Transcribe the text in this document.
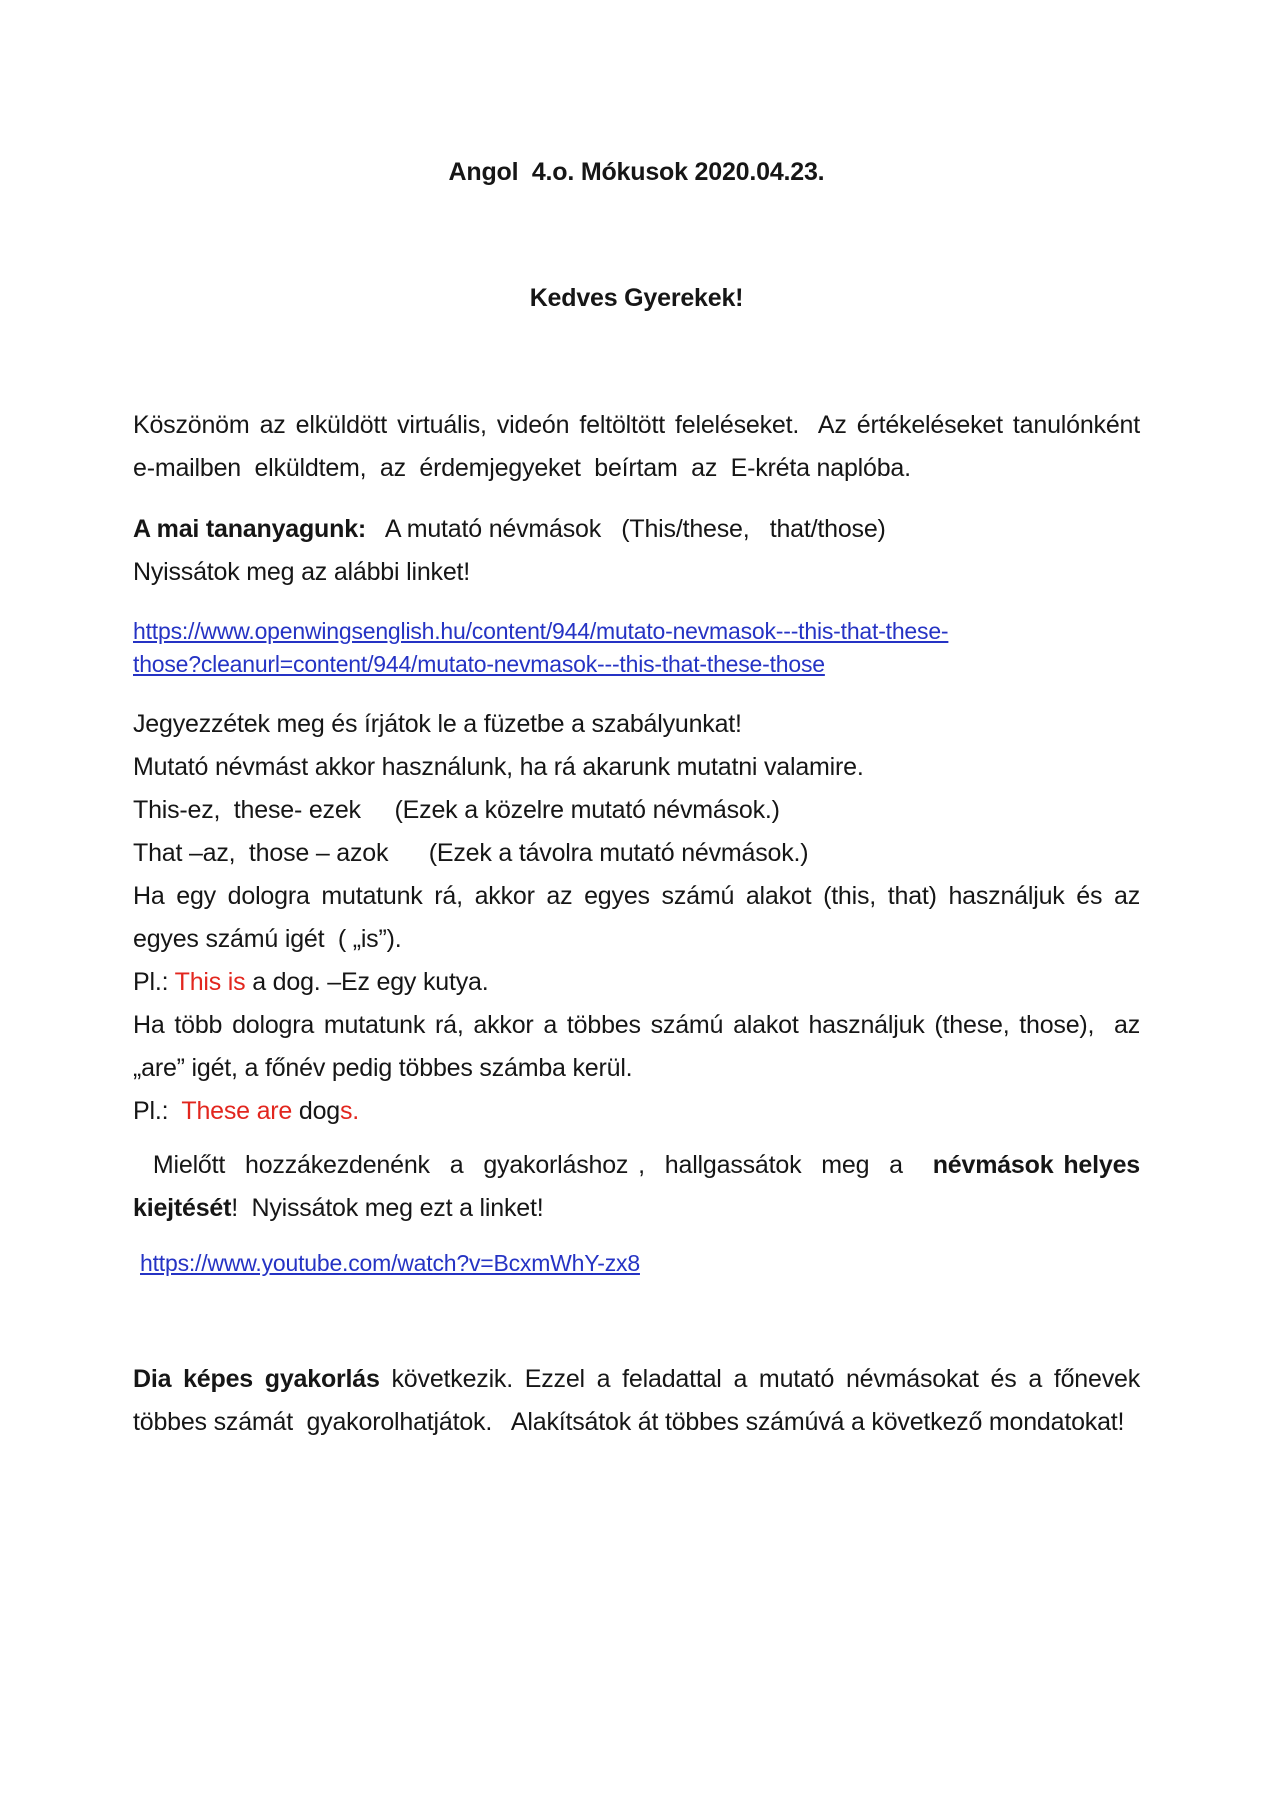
Angol  4.o. Mókusok 2020.04.23.
Kedves Gyerekek!

Köszönöm az elküldött virtuális, videón feltöltött feleléseket.  Az értékeléseket tanulónként  e-mailben  elküldtem,  az  érdemjegyeket  beírtam  az  E-kréta naplóba.

A mai tananyagunk:   A mutató névmások   (This/these,   that/those)
Nyissátok meg az alábbi linket!

https://www.openwingsenglish.hu/content/944/mutato-nevmasok---this-that-these-
those?cleanurl=content/944/mutato-nevmasok---this-that-these-those

Jegyezzétek meg és írjátok le a füzetbe a szabályunkat!
Mutató névmást akkor használunk, ha rá akarunk mutatni valamire.
This-ez,  these- ezek     (Ezek a közelre mutató névmások.)
That –az,  those – azok      (Ezek a távolra mutató névmások.)
Ha egy dologra mutatunk rá, akkor az egyes számú alakot (this, that) használjuk és az egyes számú igét  ( „is”).
Pl.: This is a dog. –Ez egy kutya.
Ha több dologra mutatunk rá, akkor a többes számú alakot használjuk (these, those),  az „are” igét, a főnév pedig többes számba kerül.
Pl.:  These are dogs.

Mielőtt  hozzákezdenénk  a  gyakorláshoz ,  hallgassátok  meg  a   névmások helyes kiejtését!  Nyissátok meg ezt a linket!

https://www.youtube.com/watch?v=BcxmWhY-zx8

Dia képes gyakorlás következik. Ezzel a feladattal a mutató névmásokat és a főnevek  többes számát  gyakorolhatjátok.   Alakítsátok át többes számúvá a következő mondatokat!
